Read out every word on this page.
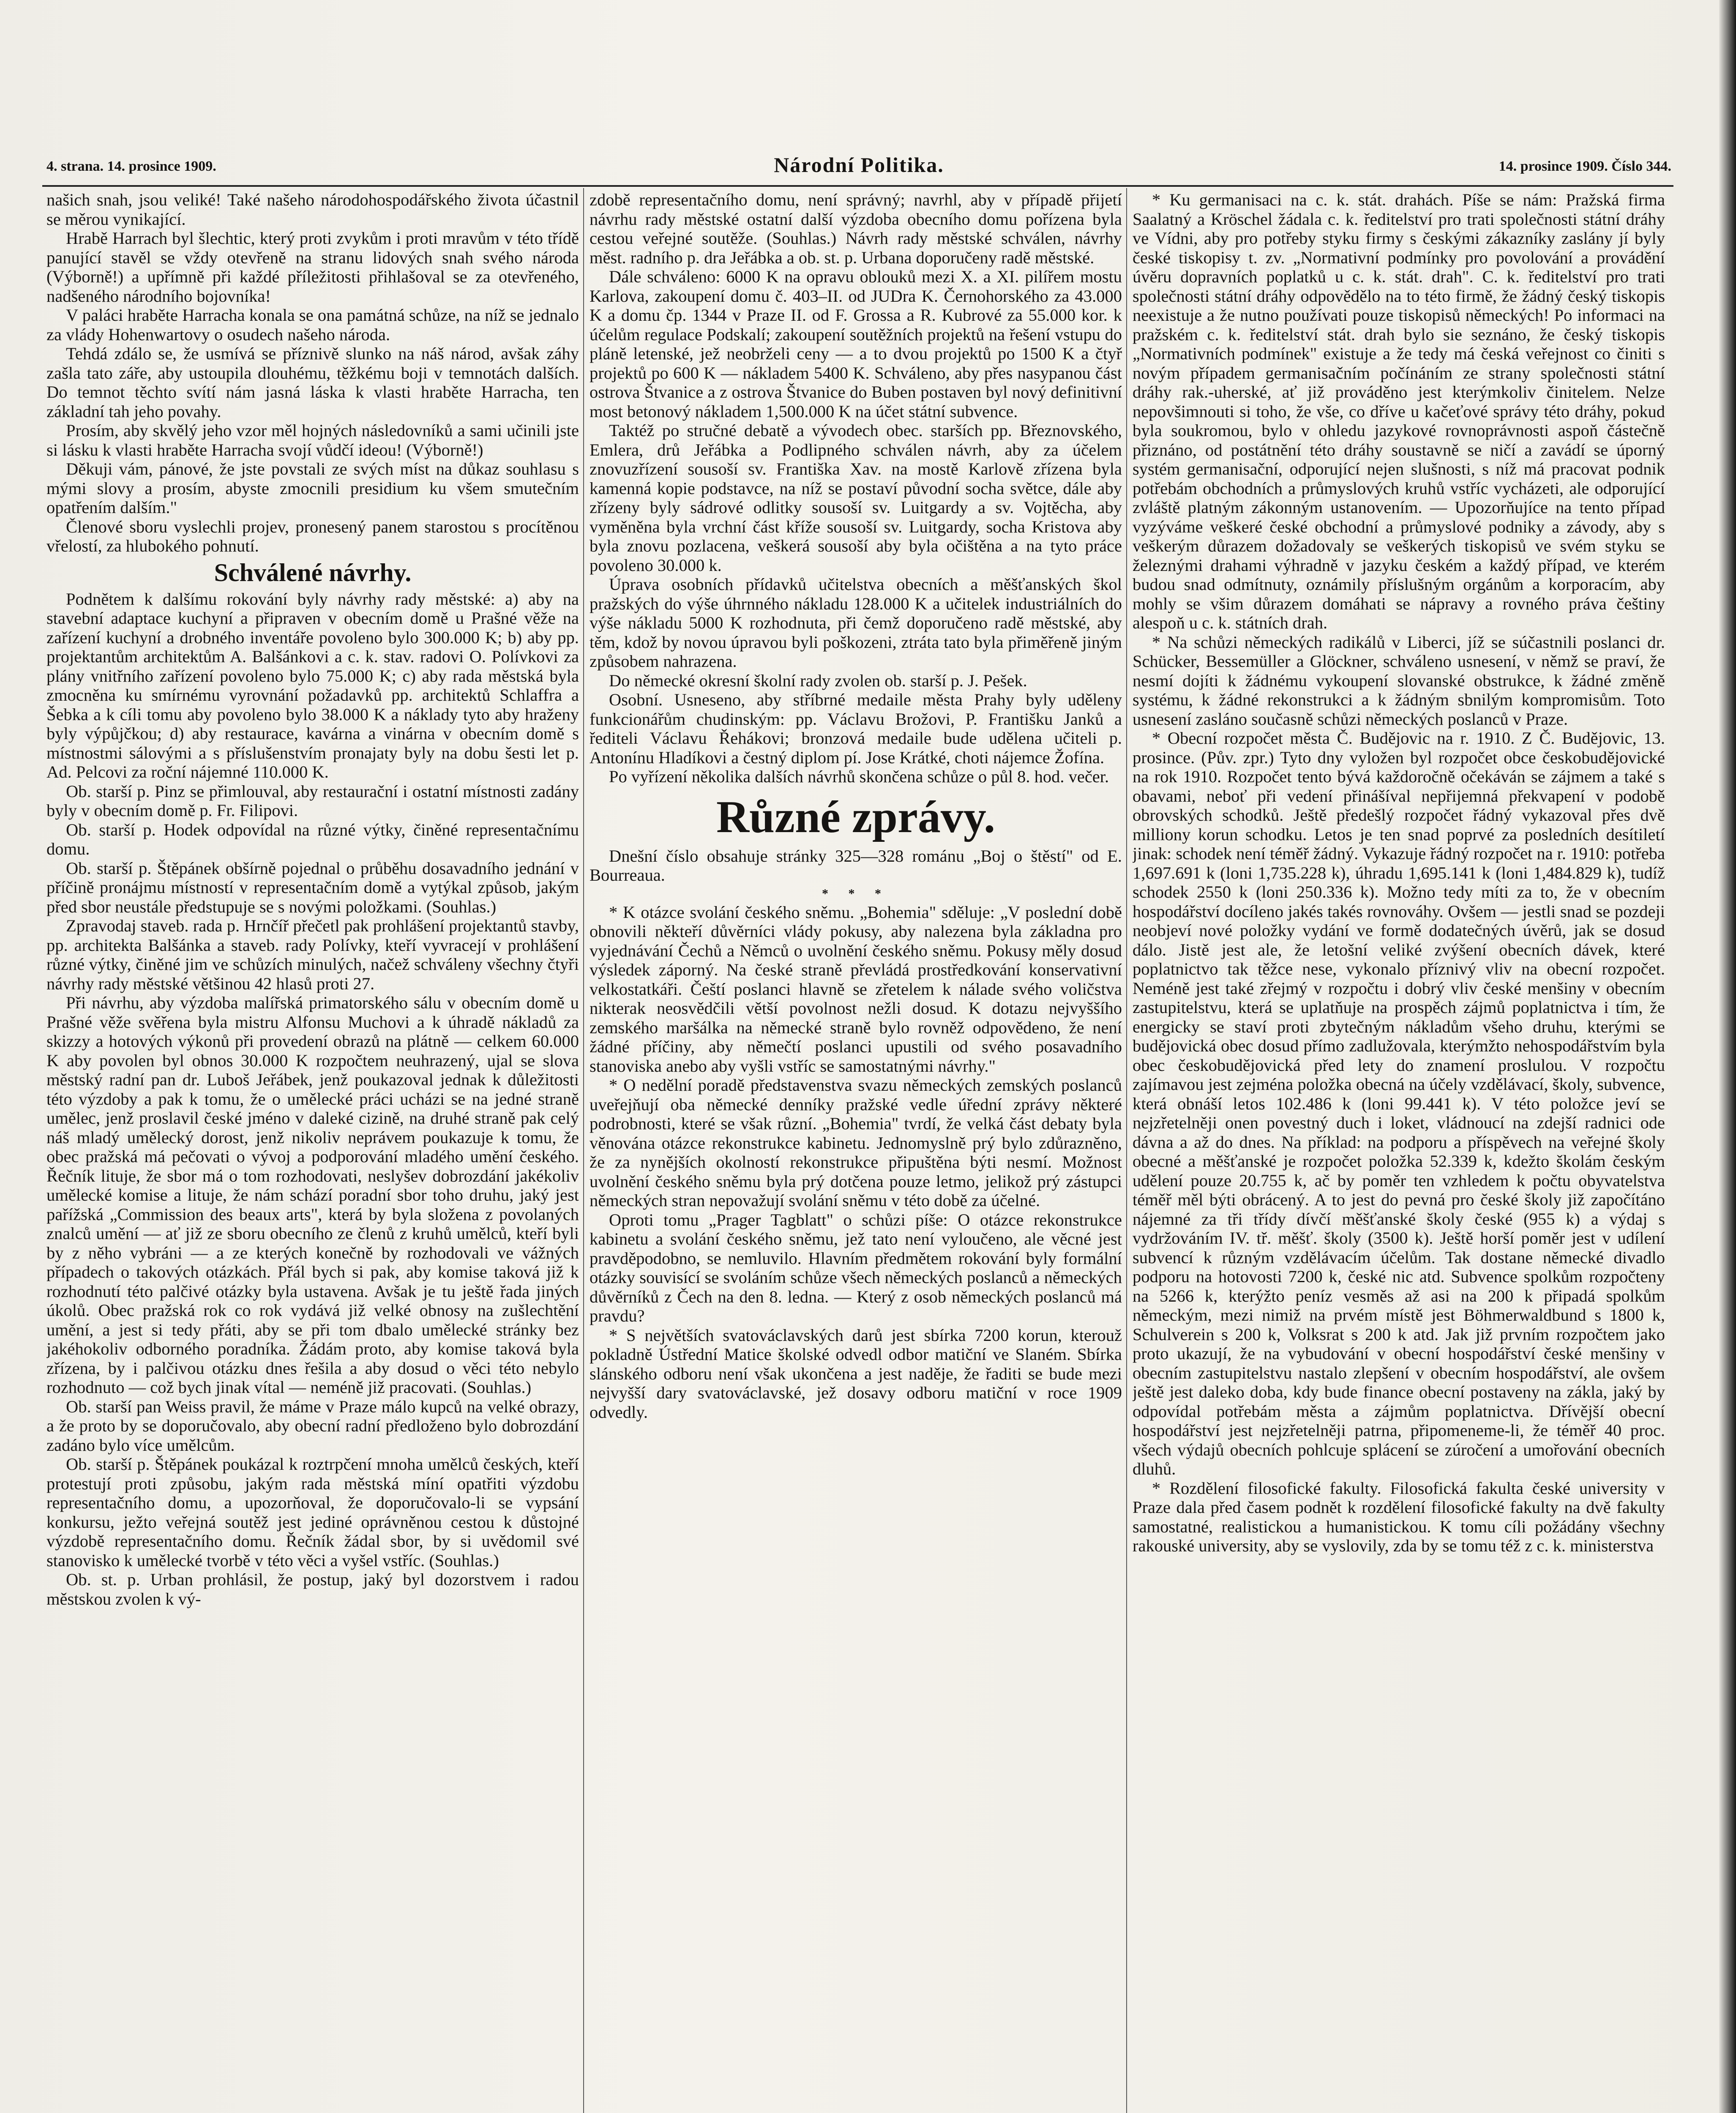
4. strana. 14. prosince 1909.	Národní Politika.	14. prosince 1909. Číslo 344.

našich snah, jsou veliké! Také našeho národohospodářského života účastnil se měrou vynikající.

Hrabě Harrach byl šlechtic, který proti zvykům i proti mravům v této třídě panující stavěl se vždy otevřeně na stranu lidových snah svého národa (Výborně!) a upřímně při každé příležitosti přihlašoval se za otevřeného, nadšeného národního bojovníka!

V paláci hraběte Harracha konala se ona památná schůze, na níž se jednalo za vlády Hohenwartovy o osudech našeho národa.

Tehdá zdálo se, že usmívá se příznivě slunko na náš národ, avšak záhy zašla tato záře, aby ustoupila dlouhému, těžkému boji v temnotách dalších. Do temnot těchto svítí nám jasná láska k vlasti hraběte Harracha, ten základní tah jeho povahy.

Prosím, aby skvělý jeho vzor měl hojných následovníků a sami učinili jste si lásku k vlasti hraběte Harracha svojí vůdčí ideou! (Výborně!)

Děkuji vám, pánové, že jste povstali ze svých míst na důkaz souhlasu s mými slovy a prosím, abyste zmocnili presidium ku všem smutečním opatřením dalším."

Členové sboru vyslechli projev, pronesený panem starostou s procítěnou vřelostí, za hlubokého pohnutí.

Schválené návrhy.

Podnětem k dalšímu rokování byly návrhy rady městské: a) aby na stavební adaptace kuchyní a připraven v obecním domě u Prašné věže na zařízení kuchyní a drobného inventáře povoleno bylo 300.000 K; b) aby pp. projektantům architektům A. Balšánkovi a c. k. stav. radovi O. Polívkovi za plány vnitřního zařízení povoleno bylo 75.000 K; c) aby rada městská byla zmocněna ku smírnému vyrovnání požadavků pp. architektů Schlaffra a Šebka a k cíli tomu aby povoleno bylo 38.000 K a náklady tyto aby hraženy byly výpůjčkou; d) aby restaurace, kavárna a vinárna v obecním domě s místnostmi sálovými a s příslušenstvím pronajaty byly na dobu šesti let p. Ad. Pelcovi za roční nájemné 110.000 K.

Ob. starší p. Pinz se přimlouval, aby restaurační i ostatní místnosti zadány byly v obecním domě p. Fr. Filipovi.

Ob. starší p. Hodek odpovídal na různé výtky, činěné representačnímu domu.

Ob. starší p. Štěpánek obšírně pojednal o průběhu dosavadního jednání v příčině pronájmu místností v representačním domě a vytýkal způsob, jakým před sbor neustále předstupuje se s novými položkami. (Souhlas.)

Zpravodaj staveb. rada p. Hrnčíř přečetl pak prohlášení projektantů stavby, pp. architekta Balšánka a staveb. rady Polívky, kteří vyvracejí v prohlášení různé výtky, činěné jim ve schůzích minulých, načež schváleny všechny čtyři návrhy rady městské většinou 42 hlasů proti 27.

Při návrhu, aby výzdoba malířská primatorského sálu v obecním domě u Prašné věže svěřena byla mistru Alfonsu Muchovi a k úhradě nákladů za skizzy a hotových výkonů při provedení obrazů na plátně — celkem 60.000 K aby povolen byl obnos 30.000 K rozpočtem neuhrazený, ujal se slova městský radní pan dr. Luboš Jeřábek, jenž poukazoval jednak k důležitosti této výzdoby a pak k tomu, že o umělecké práci ucházi se na jedné straně umělec, jenž proslavil české jméno v daleké cizině, na druhé straně pak celý náš mladý umělecký dorost, jenž nikoliv neprávem poukazuje k tomu, že obec pražská má pečovati o vývoj a podporování mladého umění českého. Řečník lituje, že sbor má o tom rozhodovati, neslyšev dobrozdání jakékoliv umělecké komise a lituje, že nám schází poradní sbor toho druhu, jaký jest pařížská „Commission des beaux arts", která by byla složena z povolaných znalců umění — ať již ze sboru obecního ze členů z kruhů umělců, kteří byli by z něho vybráni — a ze kterých konečně by rozhodovali ve vážných případech o takových otázkách. Přál bych si pak, aby komise taková již k rozhodnutí této palčivé otázky byla ustavena. Avšak je tu ještě řada jiných úkolů. Obec pražská rok co rok vydává již velké obnosy na zušlechtění umění, a jest si tedy přáti, aby se při tom dbalo umělecké stránky bez jakéhokoliv odborného poradníka. Žádám proto, aby komise taková byla zřízena, by i palčivou otázku dnes řešila a aby dosud o věci této nebylo rozhodnuto — což bych jinak vítal — neméně již pracovati. (Souhlas.)

Ob. starší pan Weiss pravil, že máme v Praze málo kupců na velké obrazy, a že proto by se doporučovalo, aby obecní radní předloženo bylo dobrozdání zadáno bylo více umělcům.

Ob. starší p. Štěpánek poukázal k roztrpčení mnoha umělců českých, kteří protestují proti způsobu, jakým rada městská míní opatřiti výzdobu representačního domu, a upozorňoval, že doporučovalo-li se vypsání konkursu, ježto veřejná soutěž jest jediné oprávněnou cestou k důstojné výzdobě representačního domu. Řečník žádal sbor, by si uvědomil své stanovisko k umělecké tvorbě v této věci a vyšel vstříc. (Souhlas.)

Ob. st. p. Urban prohlásil, že postup, jaký byl dozorstvem i radou městskou zvolen k vý-

zdobě representačního domu, není správný; navrhl, aby v případě přijetí návrhu rady městské ostatní další výzdoba obecního domu pořízena byla cestou veřejné soutěže. (Souhlas.) Návrh rady městské schválen, návrhy měst. radního p. dra Jeřábka a ob. st. p. Urbana doporučeny radě městské.

Dále schváleno: 6000 K na opravu oblouků mezi X. a XI. pilířem mostu Karlova, zakoupení domu č. 403–II. od JUDra K. Černohorského za 43.000 K a domu čp. 1344 v Praze II. od F. Grossa a R. Kubrové za 55.000 kor. k účelům regulace Podskalí; zakoupení soutěžních projektů na řešení vstupu do pláně letenské, jež neobrželi ceny — a to dvou projektů po 1500 K a čtyř projektů po 600 K — nákladem 5400 K. Schváleno, aby přes nasypanou část ostrova Štvanice a z ostrova Štvanice do Buben postaven byl nový definitivní most betonový nákladem 1,500.000 K na účet státní subvence.

Taktéž po stručné debatě a vývodech obec. starších pp. Březnovského, Emlera, drů Jeřábka a Podlipného schválen návrh, aby za účelem znovuzřízení sousoší sv. Františka Xav. na mostě Karlově zřízena byla kamenná kopie podstavce, na níž se postaví původní socha světce, dále aby zřízeny byly sádrové odlitky sousoší sv. Luitgardy a sv. Vojtěcha, aby vyměněna byla vrchní část kříže sousoší sv. Luitgardy, socha Kristova aby byla znovu pozlacena, veškerá sousoší aby byla očištěna a na tyto práce povoleno 30.000 k.

Úprava osobních přídavků učitelstva obecních a měšťanských škol pražských do výše úhrnného nákladu 128.000 K a učitelek industriálních do výše nákladu 5000 K rozhodnuta, při čemž doporučeno radě městské, aby těm, kdož by novou úpravou byli poškozeni, ztráta tato byla přiměřeně jiným způsobem nahrazena.

Do německé okresní školní rady zvolen ob. starší p. J. Pešek.

Osobní. Usneseno, aby stříbrné medaile města Prahy byly uděleny funkcionářům chudinským: pp. Václavu Brožovi, P. Františku Janků a řediteli Václavu Řehákovi; bronzová medaile bude udělena učiteli p. Antonínu Hladíkovi a čestný diplom pí. Jose Krátké, choti nájemce Žofína.

Po vyřízení několika dalších návrhů skončena schůze o půl 8. hod. večer.

Různé zprávy.

Dnešní číslo obsahuje stránky 325—328 románu „Boj o štěstí" od E. Bourreaua.

* * *

* K otázce svolání českého sněmu. „Bohemia" sděluje: „V poslední době obnovili někteří důvěrníci vlády pokusy, aby nalezena byla základna pro vyjednávání Čechů a Němců o uvolnění českého sněmu. Pokusy měly dosud výsledek záporný. Na české straně převládá prostředkování konservativní velkostatkáři. Čeští poslanci hlavně se zřetelem k nálade svého voličstva nikterak neosvědčili větší povolnost nežli dosud. K dotazu nejvyššího zemského maršálka na německé straně bylo rovněž odpovědeno, že není žádné příčiny, aby němečtí poslanci upustili od svého posavadního stanoviska anebo aby vyšli vstříc se samostatnými návrhy."

* O nedělní poradě představenstva svazu německých zemských poslanců uveřejňují oba německé denníky pražské vedle úřední zprávy některé podrobnosti, které se však různí. „Bohemia" tvrdí, že velká část debaty byla věnována otázce rekonstrukce kabinetu. Jednomyslně prý bylo zdůrazněno, že za nynějších okolností rekonstrukce připuštěna býti nesmí. Možnost uvolnění českého sněmu byla prý dotčena pouze letmo, jelikož prý zástupci německých stran nepovažují svolání sněmu v této době za účelné.

Oproti tomu „Prager Tagblatt" o schůzi píše: O otázce rekonstrukce kabinetu a svolání českého sněmu, jež tato není vyloučeno, ale věcné jest pravděpodobno, se nemluvilo. Hlavním předmětem rokování byly formální otázky souvisící se svoláním schůze všech německých poslanců a německých důvěrníků z Čech na den 8. ledna. — Který z osob německých poslanců má pravdu?

* S největších svatováclavských darů jest sbírka 7200 korun, kterouž pokladně Ústřední Matice školské odvedl odbor matiční ve Slaném. Sbírka slánského odboru není však ukončena a jest naděje, že řaditi se bude mezi nejvyšší dary svatováclavské, jež dosavy odboru matiční v roce 1909 odvedly.

* Ku germanisaci na c. k. stát. drahách. Píše se nám: Pražská firma Saalatný a Kröschel žádala c. k. ředitelství pro trati společnosti státní dráhy ve Vídni, aby pro potřeby styku firmy s českými zákazníky zaslány jí byly české tiskopisy t. zv. „Normativní podmínky pro povolování a provádění úvěru dopravních poplatků u c. k. stát. drah". C. k. ředitelství pro trati společnosti státní dráhy odpovědělo na to této firmě, že žádný český tiskopis neexistuje a že nutno používati pouze tiskopisů německých! Po informaci na pražském c. k. ředitelství stát. drah bylo sie seznáno, že český tiskopis „Normativních podmínek" existuje a že tedy má česká veřejnost co činiti s novým případem germanisačním počínáním ze strany společnosti státní dráhy rak.-uherské, ať již prováděno jest kterýmkoliv činitelem. Nelze nepovšimnouti si toho, že vše, co dříve u kačeťové správy této dráhy, pokud byla soukromou, bylo v ohledu jazykové rovnoprávnosti aspoň částečně přiznáno, od postátnění této dráhy soustavně se ničí a zavádí se úporný systém germanisační, odporující nejen slušnosti, s níž má pracovat podnik potřebám obchodních a průmyslových kruhů vstříc vycházeti, ale odporující zvláště platným zákonným ustanovením. — Upozorňujíce na tento případ vyzýváme veškeré české obchodní a průmyslové podniky a závody, aby s veškerým důrazem dožadovaly se veškerých tiskopisů ve svém styku se železnými drahami výhradně v jazyku českém a každý případ, ve kterém budou snad odmítnuty, oznámily příslušným orgánům a korporacím, aby mohly se všim důrazem domáhati se nápravy a rovného práva češtiny alespoň u c. k. státních drah.

* Na schůzi německých radikálů v Liberci, jíž se súčastnili poslanci dr. Schücker, Bessemüller a Glöckner, schváleno usnesení, v němž se praví, že nesmí dojíti k žádnému vykoupení slovanské obstrukce, k žádné změně systému, k žádné rekonstrukci a k žádným sbnilým kompromisům. Toto usnesení zasláno současně schůzi německých poslanců v Praze.

* Obecní rozpočet města Č. Budějovic na r. 1910. Z Č. Budějovic, 13. prosince. (Pův. zpr.) Tyto dny vyložen byl rozpočet obce českobudějovické na rok 1910. Rozpočet tento bývá každoročně očekáván se zájmem a také s obavami, neboť při vedení přinášíval nepřijemná překvapení v podobě obrovských schodků. Ještě předešlý rozpočet řádný vykazoval přes dvě milliony korun schodku. Letos je ten snad poprvé za posledních desítiletí jinak: schodek není téměř žádný. Vykazuje řádný rozpočet na r. 1910: potřeba 1,697.691 k (loni 1,735.228 k), úhradu 1,695.141 k (loni 1,484.829 k), tudíž schodek 2550 k (loni 250.336 k). Možno tedy míti za to, že v obecním hospodářství docíleno jakés takés rovnováhy. Ovšem — jestli snad se pozdeji neobjeví nové položky vydání ve formě dodatečných úvěrů, jak se dosud dálo. Jistě jest ale, že letošní veliké zvýšení obecních dávek, které poplatnictvo tak těžce nese, vykonalo příznivý vliv na obecní rozpočet. Neméně jest také zřejmý v rozpočtu i dobrý vliv české menšiny v obecním zastupitelstvu, která se uplatňuje na prospěch zájmů poplatnictva i tím, že energicky se staví proti zbytečným nákladům všeho druhu, kterými se budějovická obec dosud přímo zadlužovala, kterýmžto nehospodářstvím byla obec českobudějovická před lety do znamení proslulou. V rozpočtu zajímavou jest zejména položka obecná na účely vzdělávací, školy, subvence, která obnáší letos 102.486 k (loni 99.441 k). V této položce jeví se nejzřetelněji onen povestný duch i loket, vládnoucí na zdejší radnici ode dávna a až do dnes. Na příklad: na podporu a příspěvech na veřejné školy obecné a měšťanské je rozpočet položka 52.339 k, kdežto školám českým udělení pouze 20.755 k, ač by poměr ten vzhledem k počtu obyvatelstva téměř měl býti obrácený. A to jest do pevná pro české školy již započítáno nájemné za tři třídy dívčí měšťanské školy české (955 k) a výdaj s vydržováním IV. tř. měšť. školy (3500 k). Ještě horší poměr jest v udílení subvencí k různým vzdělávacím účelům. Tak dostane německé divadlo podporu na hotovosti 7200 k, české nic atd. Subvence spolkům rozpočteny na 5266 k, kterýžto peníz vesměs až asi na 200 k připadá spolkům německým, mezi nimiž na prvém místě jest Böhmerwaldbund s 1800 k, Schulverein s 200 k, Volksrat s 200 k atd. Jak již prvním rozpočtem jako proto ukazují, že na vybudování v obecní hospodářství české menšiny v obecním zastupitelstvu nastalo zlepšení v obecním hospodářství, ale ovšem ještě jest daleko doba, kdy bude finance obecní postaveny na zákla, jaký by odpovídal potřebám města a zájmům poplatnictva. Dřívější obecní hospodářství jest nejzřetelněji patrna, připomeneme-li, že téměř 40 proc. všech výdajů obecních pohlcuje splácení se zúročení a umořování obecních dluhů.

* Rozdělení filosofické fakulty. Filosofická fakulta české university v Praze dala před časem podnět k rozdělení filosofické fakulty na dvě fakulty samostatné, realistickou a humanistickou. K tomu cíli požádány všechny rakouské university, aby se vyslovily, zda by se tomu též z c. k. ministerstva
